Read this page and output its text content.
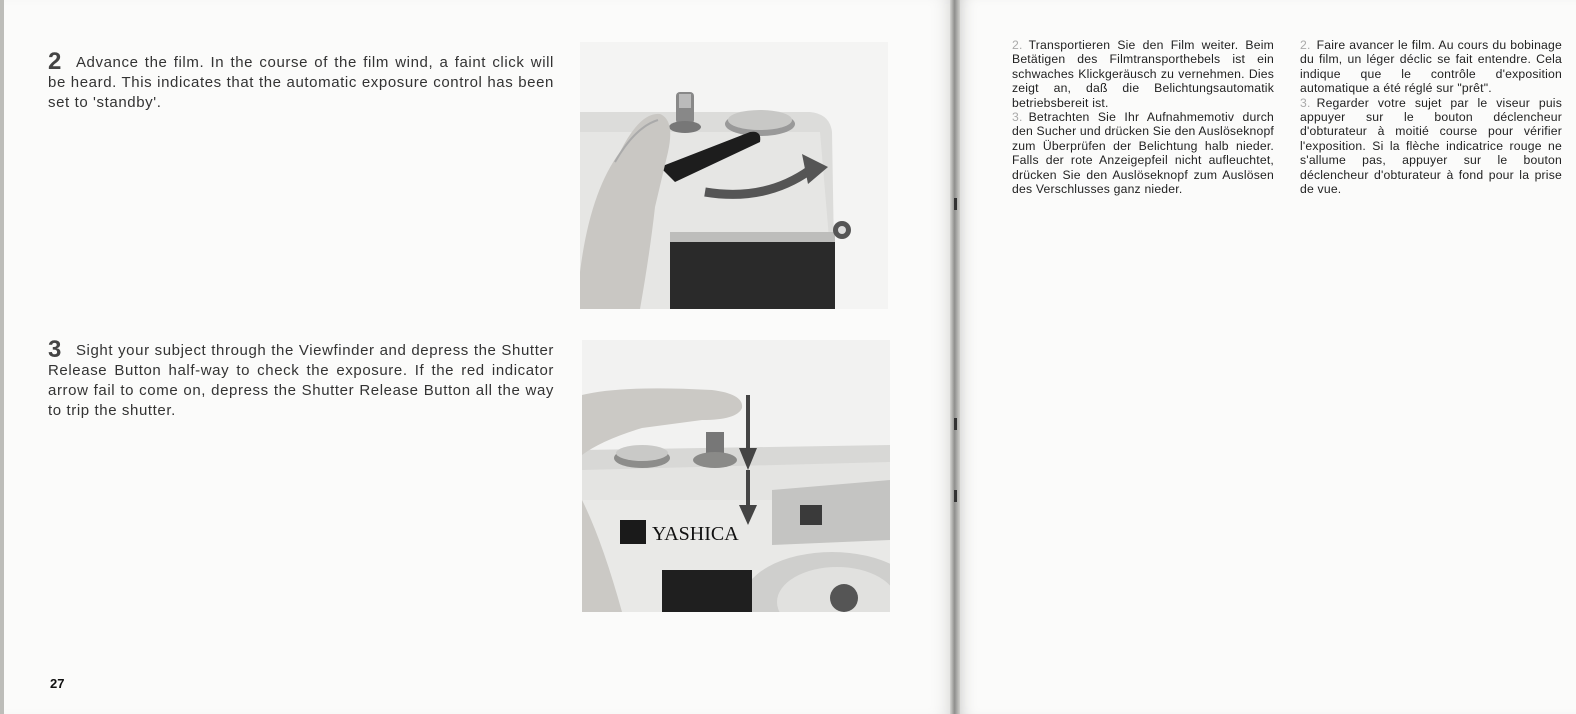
2 Advance the film. In the course of the film wind, a faint click will be heard. This indicates that the automatic exposure control has been set to 'standby'.
3 Sight your subject through the Viewfinder and depress the Shutter Release Button half-way to check the exposure. If the red indicator arrow fail to come on, depress the Shutter Release Button all the way to trip the shutter.
YASHICA
27

2. Transportieren Sie den Film weiter. Beim Betätigen des Filmtransporthebels ist ein schwaches Klickgeräusch zu vernehmen. Dies zeigt an, daß die Belichtungsautomatik betriebsbereit ist.

3. Betrachten Sie Ihr Aufnahmemotiv durch den Sucher und drücken Sie den Auslöseknopf zum Überprüfen der Belichtung halb nieder. Falls der rote Anzeigepfeil nicht aufleuchtet, drücken Sie den Auslöseknopf zum Auslösen des Verschlusses ganz nieder.

2. Faire avancer le film. Au cours du bobinage du film, un léger déclic se fait entendre. Cela indique que le contrôle d'exposition automatique a été réglé sur "prêt".

3. Regarder votre sujet par le viseur puis appuyer sur le bouton déclencheur d'obturateur à moitié course pour vérifier l'exposition. Si la flèche indicatrice rouge ne s'allume pas, appuyer sur le bouton déclencheur d'obturateur à fond pour la prise de vue.
